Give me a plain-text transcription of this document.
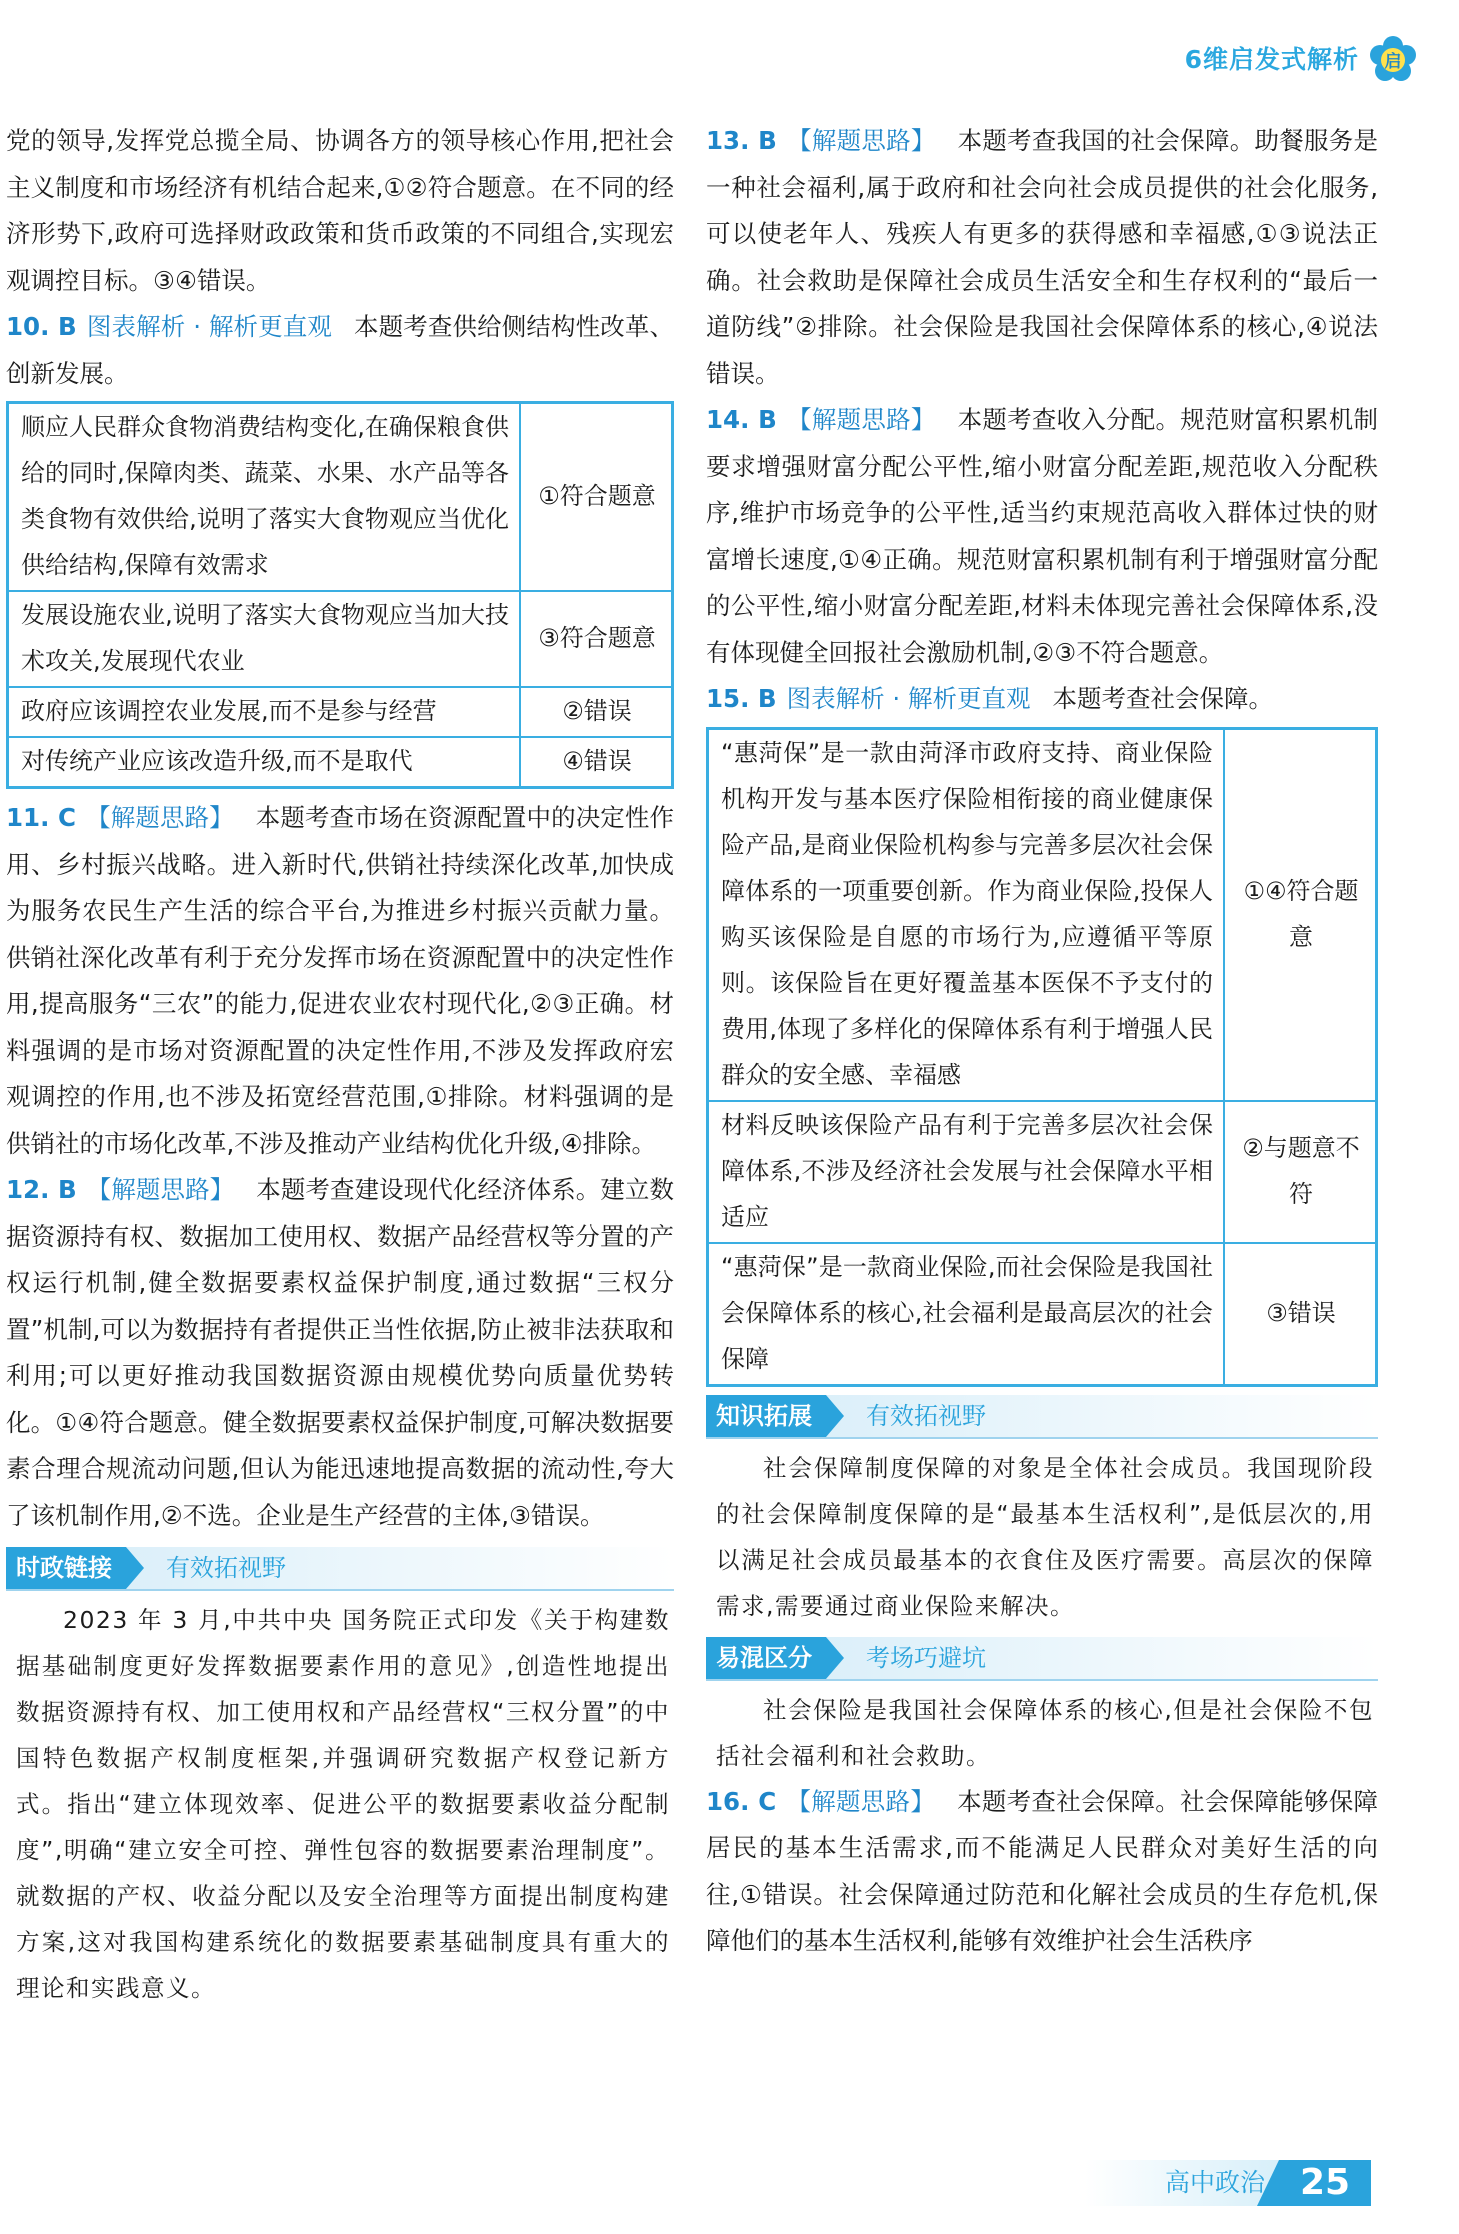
6维启发式解析 启

党的领导,发挥党总揽全局、协调各方的领导核心作用,把社会主义制度和市场经济有机结合起来,①②符合题意。在不同的经济形势下,政府可选择财政政策和货币政策的不同组合,实现宏观调控目标。③④错误。

10. B 图表解析 · 解析更直观 本题考查供给侧结构性改革、创新发展。

顺应人民群众食物消费结构变化,在确保粮食供给的同时,保障肉类、蔬菜、水果、水产品等各类食物有效供给,说明了落实大食物观应当优化供给结构,保障有效需求	①符合题意
发展设施农业,说明了落实大食物观应当加大技术攻关,发展现代农业	③符合题意
政府应该调控农业发展,而不是参与经营	②错误
对传统产业应该改造升级,而不是取代	④错误

11. C 【解题思路】 本题考查市场在资源配置中的决定性作用、乡村振兴战略。进入新时代,供销社持续深化改革,加快成为服务农民生产生活的综合平台,为推进乡村振兴贡献力量。供销社深化改革有利于充分发挥市场在资源配置中的决定性作用,提高服务“三农”的能力,促进农业农村现代化,②③正确。材料强调的是市场对资源配置的决定性作用,不涉及发挥政府宏观调控的作用,也不涉及拓宽经营范围,①排除。材料强调的是供销社的市场化改革,不涉及推动产业结构优化升级,④排除。

12. B 【解题思路】 本题考查建设现代化经济体系。建立数据资源持有权、数据加工使用权、数据产品经营权等分置的产权运行机制,健全数据要素权益保护制度,通过数据“三权分置”机制,可以为数据持有者提供正当性依据,防止被非法获取和利用;可以更好推动我国数据资源由规模优势向质量优势转化。①④符合题意。健全数据要素权益保护制度,可解决数据要素合理合规流动问题,但认为能迅速地提高数据的流动性,夸大了该机制作用,②不选。企业是生产经营的主体,③错误。

时政链接	有效拓视野

2023 年 3 月,中共中央 国务院正式印发《关于构建数据基础制度更好发挥数据要素作用的意见》,创造性地提出数据资源持有权、加工使用权和产品经营权“三权分置”的中国特色数据产权制度框架,并强调研究数据产权登记新方式。指出“建立体现效率、促进公平的数据要素收益分配制度”,明确“建立安全可控、弹性包容的数据要素治理制度”。就数据的产权、收益分配以及安全治理等方面提出制度构建方案,这对我国构建系统化的数据要素基础制度具有重大的理论和实践意义。

13. B 【解题思路】 本题考查我国的社会保障。助餐服务是一种社会福利,属于政府和社会向社会成员提供的社会化服务,可以使老年人、残疾人有更多的获得感和幸福感,①③说法正确。社会救助是保障社会成员生活安全和生存权利的“最后一道防线”②排除。社会保险是我国社会保障体系的核心,④说法错误。

14. B 【解题思路】 本题考查收入分配。规范财富积累机制要求增强财富分配公平性,缩小财富分配差距,规范收入分配秩序,维护市场竞争的公平性,适当约束规范高收入群体过快的财富增长速度,①④正确。规范财富积累机制有利于增强财富分配的公平性,缩小财富分配差距,材料未体现完善社会保障体系,没有体现健全回报社会激励机制,②③不符合题意。

15. B 图表解析 · 解析更直观 本题考查社会保障。

“惠菏保”是一款由菏泽市政府支持、商业保险机构开发与基本医疗保险相衔接的商业健康保险产品,是商业保险机构参与完善多层次社会保障体系的一项重要创新。作为商业保险,投保人购买该保险是自愿的市场行为,应遵循平等原则。该保险旨在更好覆盖基本医保不予支付的费用,体现了多样化的保障体系有利于增强人民群众的安全感、幸福感	①④符合题意
材料反映该保险产品有利于完善多层次社会保障体系,不涉及经济社会发展与社会保障水平相适应	②与题意不符
“惠菏保”是一款商业保险,而社会保险是我国社会保障体系的核心,社会福利是最高层次的社会保障	③错误
知识拓展	有效拓视野

社会保障制度保障的对象是全体社会成员。我国现阶段的社会保障制度保障的是“最基本生活权利”,是低层次的,用以满足社会成员最基本的衣食住及医疗需要。高层次的保障需求,需要通过商业保险来解决。

易混区分	考场巧避坑

社会保险是我国社会保障体系的核心,但是社会保险不包括社会福利和社会救助。

16. C 【解题思路】 本题考查社会保障。社会保障能够保障居民的基本生活需求,而不能满足人民群众对美好生活的向往,①错误。社会保障通过防范和化解社会成员的生存危机,保障他们的基本生活权利,能够有效维护社会生活秩序

高中政治 25
